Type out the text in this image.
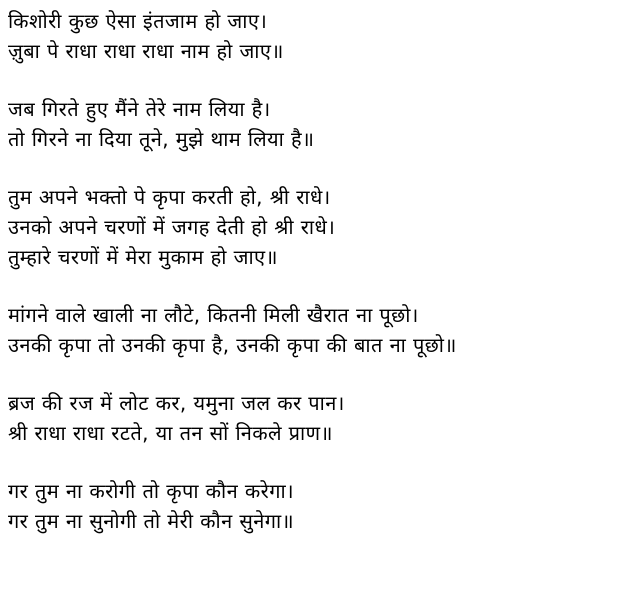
किशोरी कुछ ऐसा इंतजाम हो जाए।
ज़ुबा पे राधा राधा राधा नाम हो जाए॥
जब गिरते हुए मैंने तेरे नाम लिया है।
तो गिरने ना दिया तूने, मुझे थाम लिया है॥
तुम अपने भक्तो पे कृपा करती हो, श्री राधे।
उनको अपने चरणों में जगह देती हो श्री राधे।
तुम्हारे चरणों में मेरा मुकाम हो जाए॥
मांगने वाले खाली ना लौटे, कितनी मिली खैरात ना पूछो।
उनकी कृपा तो उनकी कृपा है, उनकी कृपा की बात ना पूछो॥
ब्रज की रज में लोट कर, यमुना जल कर पान।
श्री राधा राधा रटते, या तन सों निकले प्राण॥
गर तुम ना करोगी तो कृपा कौन करेगा।
गर तुम ना सुनोगी तो मेरी कौन सुनेगा॥
